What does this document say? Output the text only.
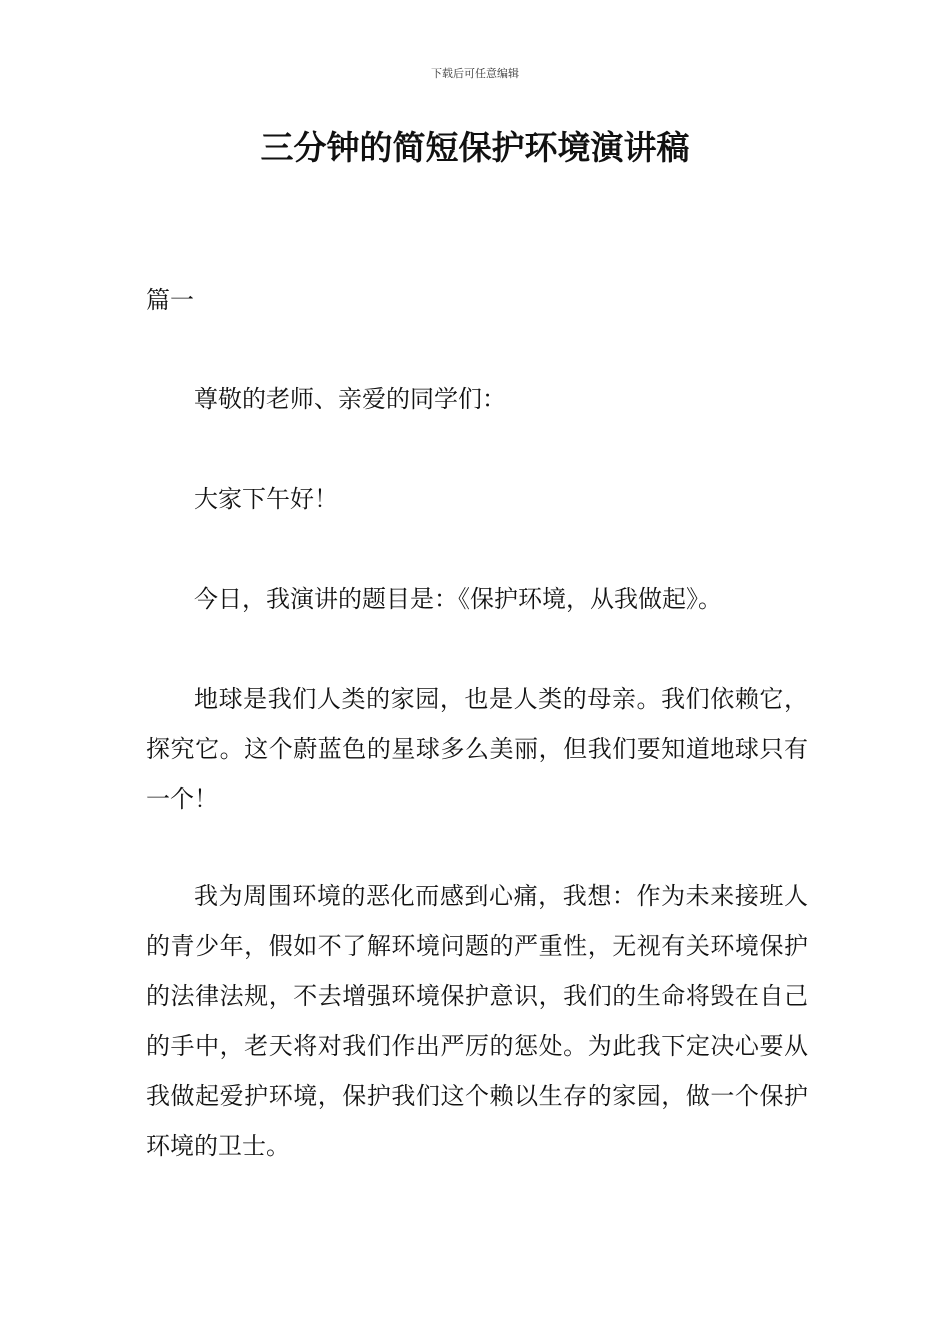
下载后可任意编辑
三分钟的简短保护环境演讲稿
篇一

尊敬的老师、亲爱的同学们：

大家下午好！

今日，我演讲的题目是：《保护环境，从我做起》。

地球是我们人类的家园，也是人类的母亲。我们依赖它，探究它。这个蔚蓝色的星球多么美丽，但我们要知道地球只有一个！

我为周围环境的恶化而感到心痛，我想：作为未来接班人的青少年，假如不了解环境问题的严重性，无视有关环境保护的法律法规，不去增强环境保护意识，我们的生命将毁在自己的手中，老天将对我们作出严厉的惩处。为此我下定决心要从我做起爱护环境，保护我们这个赖以生存的家园，做一个保护环境的卫士。
